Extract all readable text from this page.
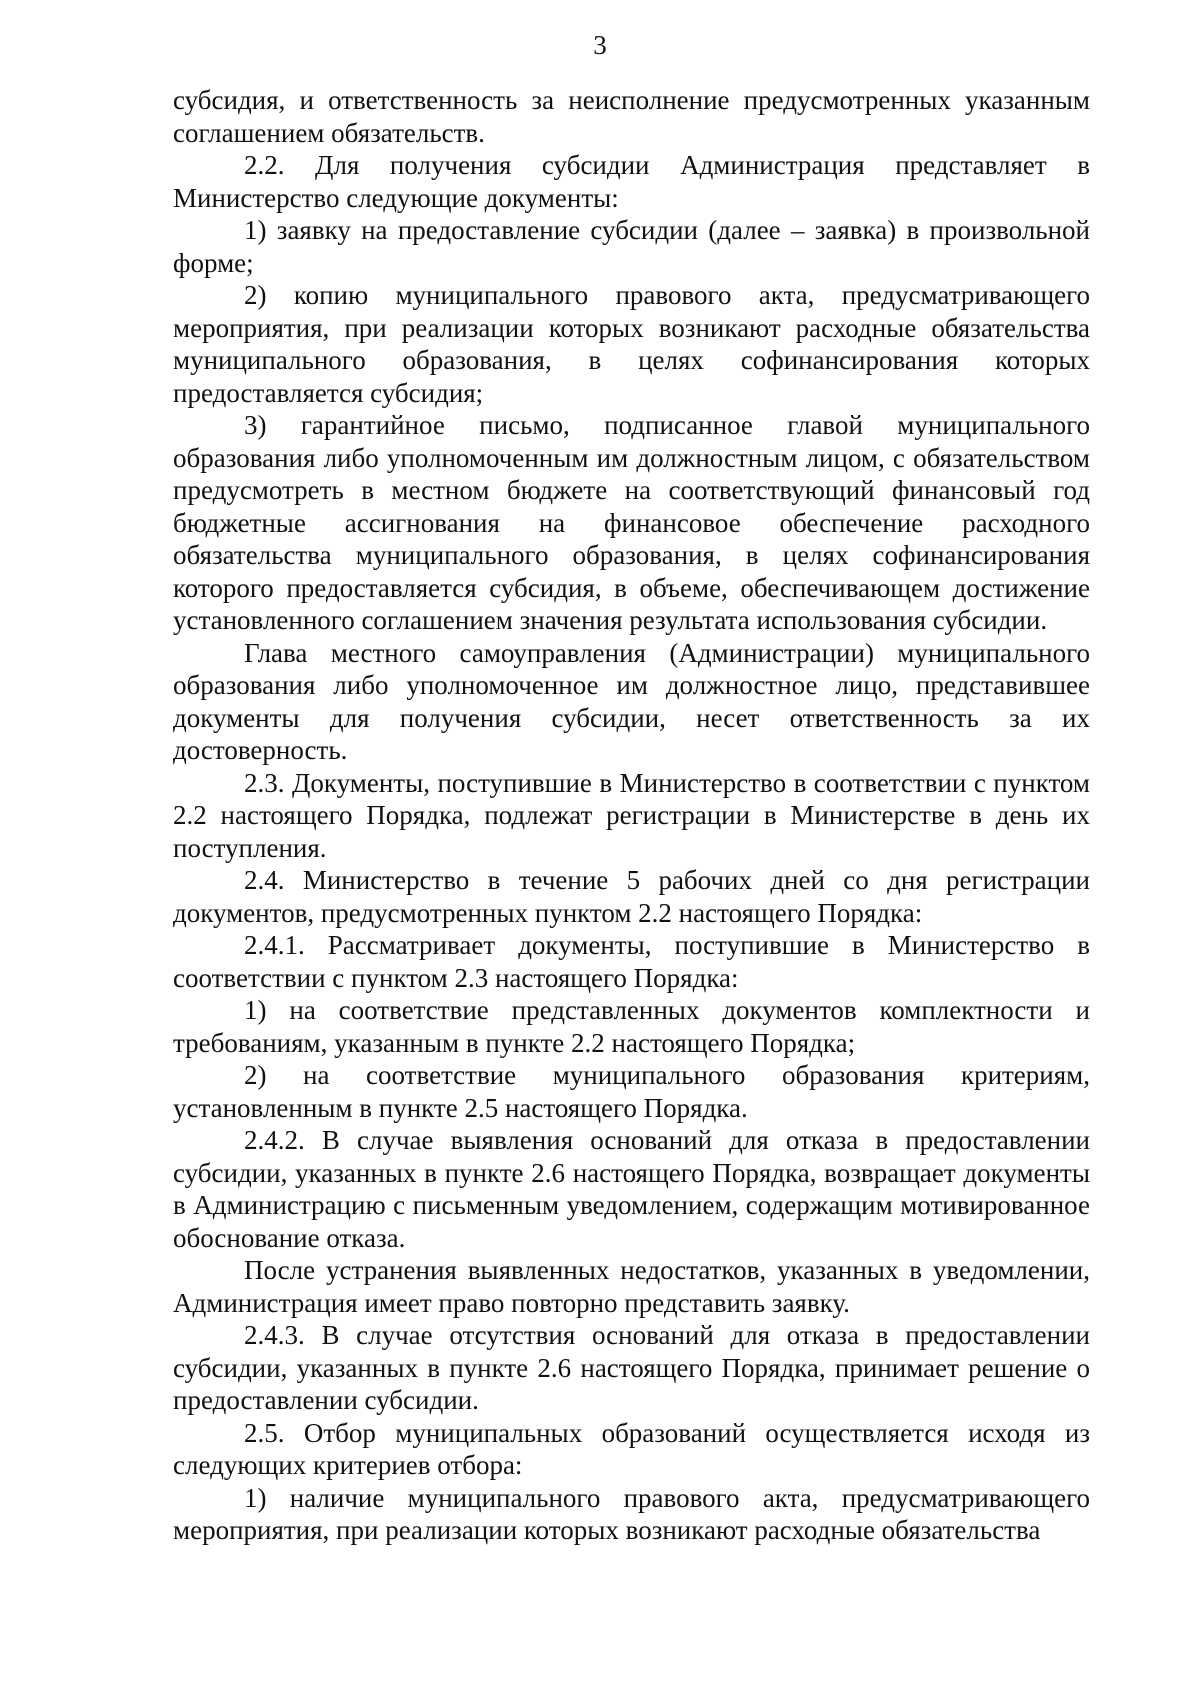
3

субсидия, и ответственность за неисполнение предусмотренных указанным соглашением обязательств.

2.2. Для получения субсидии Администрация представляет в Министерство следующие документы:

1) заявку на предоставление субсидии (далее – заявка) в произвольной форме;

2) копию муниципального правового акта, предусматривающего мероприятия, при реализации которых возникают расходные обязательства муниципального образования, в целях софинансирования которых предоставляется субсидия;

3) гарантийное письмо, подписанное главой муниципального образования либо уполномоченным им должностным лицом, с обязательством предусмотреть в местном бюджете на соответствующий финансовый год бюджетные ассигнования на финансовое обеспечение расходного обязательства муниципального образования, в целях софинансирования которого предоставляется субсидия, в объеме, обеспечивающем достижение установленного соглашением значения результата использования субсидии.

Глава местного самоуправления (Администрации) муниципального образования либо уполномоченное им должностное лицо, представившее документы для получения субсидии, несет ответственность за их достоверность.

2.3. Документы, поступившие в Министерство в соответствии с пунктом 2.2 настоящего Порядка, подлежат регистрации в Министерстве в день их поступления.

2.4. Министерство в течение 5 рабочих дней со дня регистрации документов, предусмотренных пунктом 2.2 настоящего Порядка:

2.4.1. Рассматривает документы, поступившие в Министерство в соответствии с пунктом 2.3 настоящего Порядка:

1) на соответствие представленных документов комплектности и требованиям, указанным в пункте 2.2 настоящего Порядка;

2) на соответствие муниципального образования критериям, установленным в пункте 2.5 настоящего Порядка.

2.4.2. В случае выявления оснований для отказа в предоставлении субсидии, указанных в пункте 2.6 настоящего Порядка, возвращает документы в Администрацию с письменным уведомлением, содержащим мотивированное обоснование отказа.

После устранения выявленных недостатков, указанных в уведомлении, Администрация имеет право повторно представить заявку.

2.4.3. В случае отсутствия оснований для отказа в предоставлении субсидии, указанных в пункте 2.6 настоящего Порядка, принимает решение о предоставлении субсидии.

2.5. Отбор муниципальных образований осуществляется исходя из следующих критериев отбора:

1) наличие муниципального правового акта, предусматривающего мероприятия, при реализации которых возникают расходные обязательства
